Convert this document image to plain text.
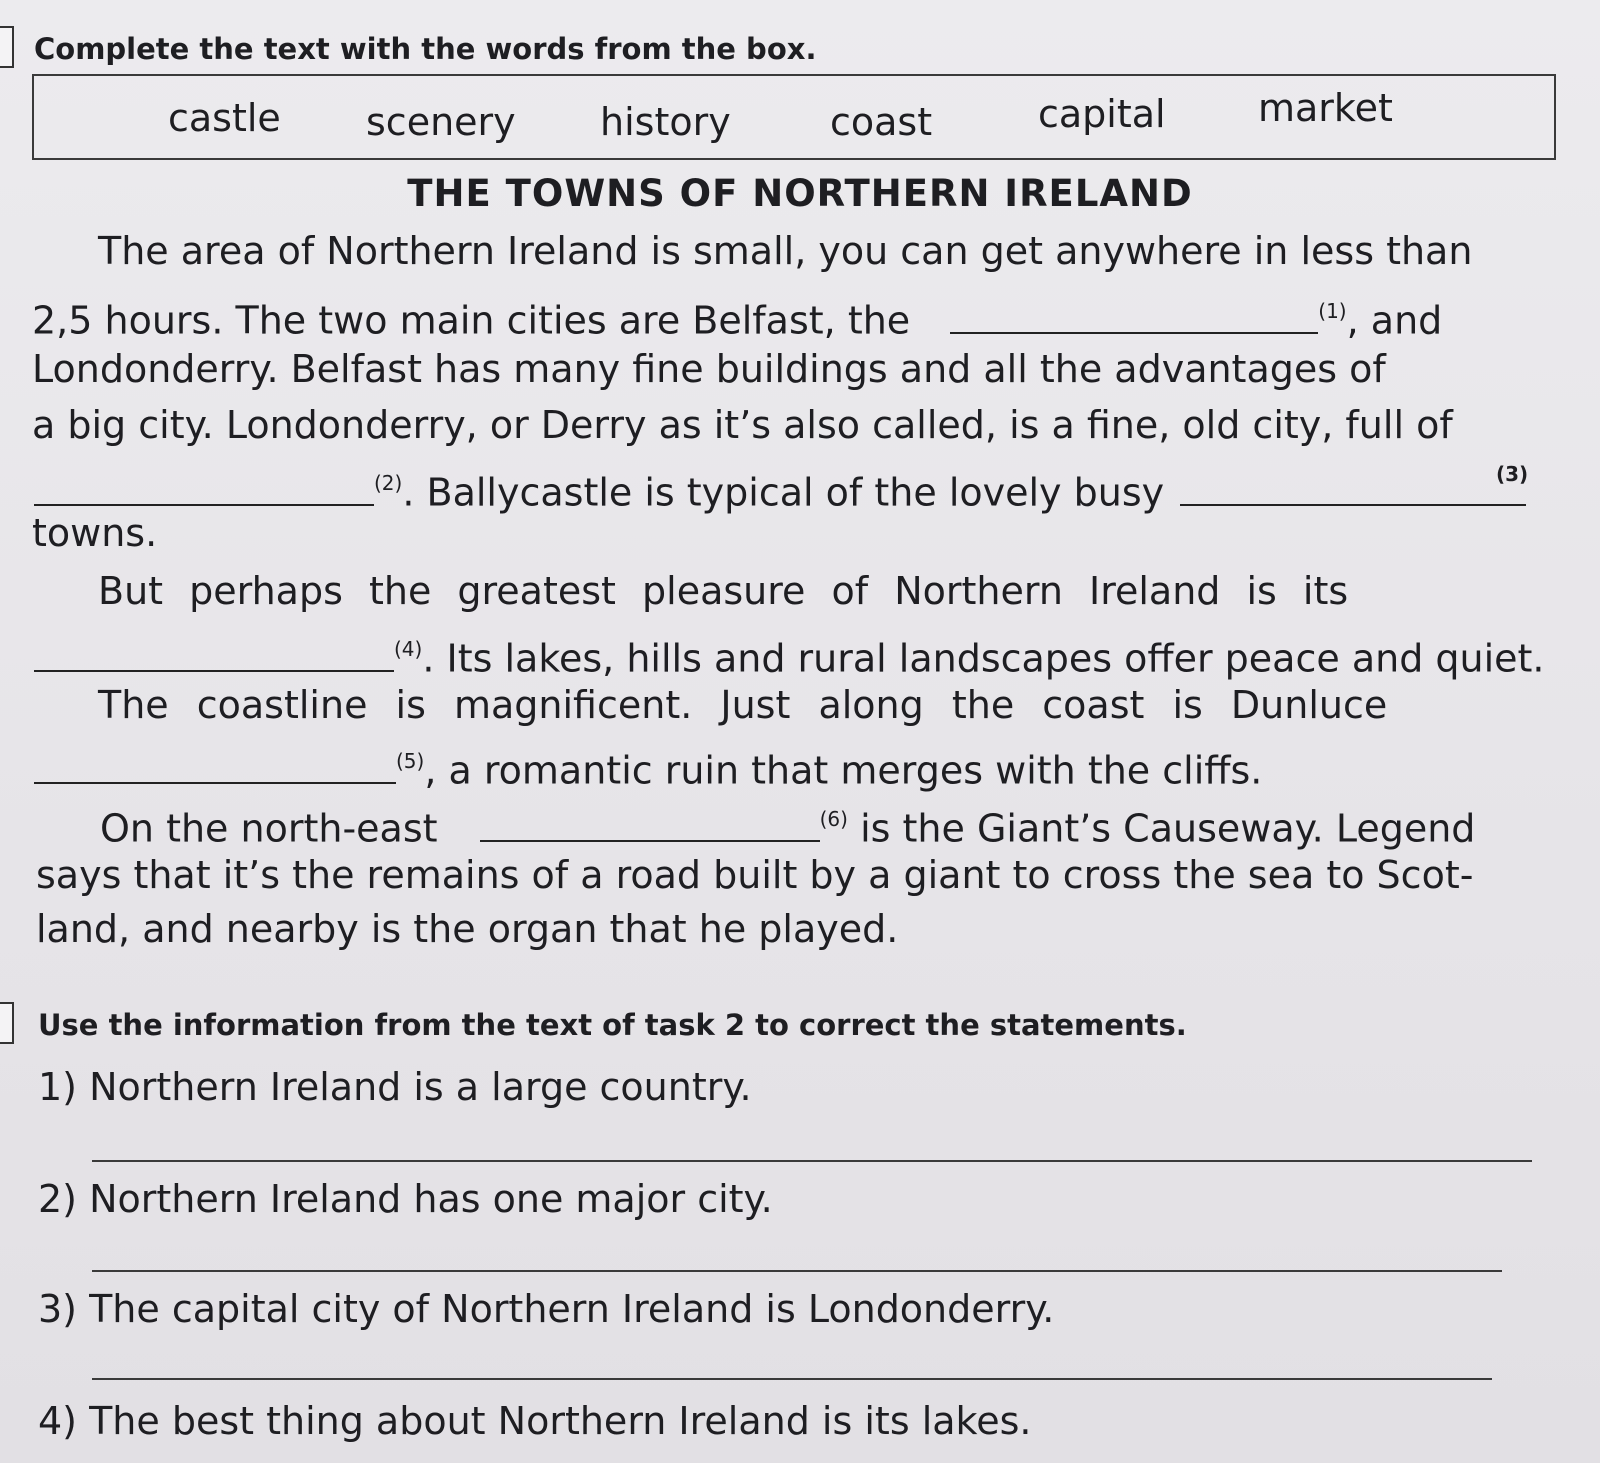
Complete the text with the words from the box.
castle scenery history	coast	capital market
THE TOWNS OF NORTHERN IRELAND
The area of Northern Ireland is small, you can get anywhere in less than
2,5 hours. The two main cities are Belfast, the	$^{(1)}$, and
Londonderry. Belfast has many fine buildings and all the advantages of
a big city. Londonderry, or Derry as it’s also called, is a fine, old city, full of
$^{(2)}$. Ballycastle is typical of the lovely busy	(3)
towns.
But perhaps the greatest pleasure of Northern Ireland is its
$^{(4)}$. Its lakes, hills and rural landscapes offer peace and quiet.
The coastline is magnificent. Just along the coast is Dunluce
$^{(5)}$, a romantic ruin that merges with the cliffs.
On the north-east	$^{(6)}$ is the Giant’s Causeway. Legend
says that it’s the remains of a road built by a giant to cross the sea to Scot-
land, and nearby is the organ that he played.
Use the information from the text of task 2 to correct the statements.
1) Northern Ireland is a large country.
2) Northern Ireland has one major city.
3) The capital city of Northern Ireland is Londonderry.
4) The best thing about Northern Ireland is its lakes.
